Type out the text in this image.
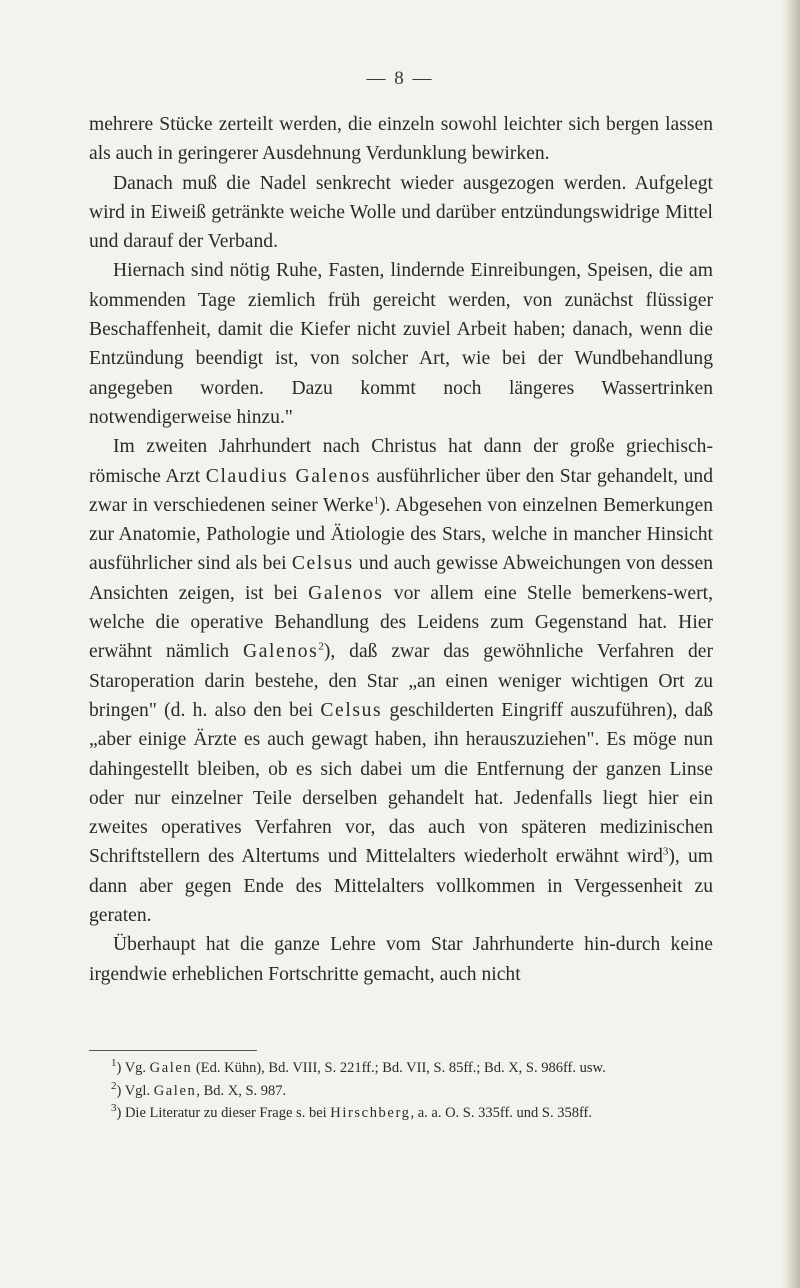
— 8 —

mehrere Stücke zerteilt werden, die einzeln sowohl leichter sich bergen lassen als auch in geringerer Ausdehnung Verdunklung bewirken.

Danach muß die Nadel senkrecht wieder ausgezogen werden. Aufgelegt wird in Eiweiß getränkte weiche Wolle und darüber entzündungswidrige Mittel und darauf der Verband.

Hiernach sind nötig Ruhe, Fasten, lindernde Einreibungen, Speisen, die am kommenden Tage ziemlich früh gereicht werden, von zunächst flüssiger Beschaffenheit, damit die Kiefer nicht zuviel Arbeit haben; danach, wenn die Entzündung beendigt ist, von solcher Art, wie bei der Wundbehandlung angegeben worden. Dazu kommt noch längeres Wassertrinken notwendigerweise hinzu."

Im zweiten Jahrhundert nach Christus hat dann der große griechisch-römische Arzt Claudius Galenos ausführlicher über den Star gehandelt, und zwar in verschiedenen seiner Werke$^1$). Abgesehen von einzelnen Bemerkungen zur Anatomie, Pathologie und Ätiologie des Stars, welche in mancher Hinsicht ausführlicher sind als bei Celsus und auch gewisse Abweichungen von dessen Ansichten zeigen, ist bei Galenos vor allem eine Stelle bemerkens-wert, welche die operative Behandlung des Leidens zum Gegenstand hat. Hier erwähnt nämlich Galenos$^2$), daß zwar das gewöhnliche Verfahren der Staroperation darin bestehe, den Star „an einen weniger wichtigen Ort zu bringen" (d. h. also den bei Celsus geschilderten Eingriff auszuführen), daß „aber einige Ärzte es auch gewagt haben, ihn herauszuziehen". Es möge nun dahingestellt bleiben, ob es sich dabei um die Entfernung der ganzen Linse oder nur einzelner Teile derselben gehandelt hat. Jedenfalls liegt hier ein zweites operatives Verfahren vor, das auch von späteren medizinischen Schriftstellern des Altertums und Mittelalters wiederholt erwähnt wird$^3$), um dann aber gegen Ende des Mittelalters vollkommen in Vergessenheit zu geraten.

Überhaupt hat die ganze Lehre vom Star Jahrhunderte hin-durch keine irgendwie erheblichen Fortschritte gemacht, auch nicht

$^1$) Vg. Galen (Ed. Kühn), Bd. VIII, S. 221ff.; Bd. VII, S. 85ff.; Bd. X, S. 986ff. usw.

$^2$) Vgl. Galen, Bd. X, S. 987.

$^3$) Die Literatur zu dieser Frage s. bei Hirschberg, a. a. O. S. 335ff. und S. 358ff.
